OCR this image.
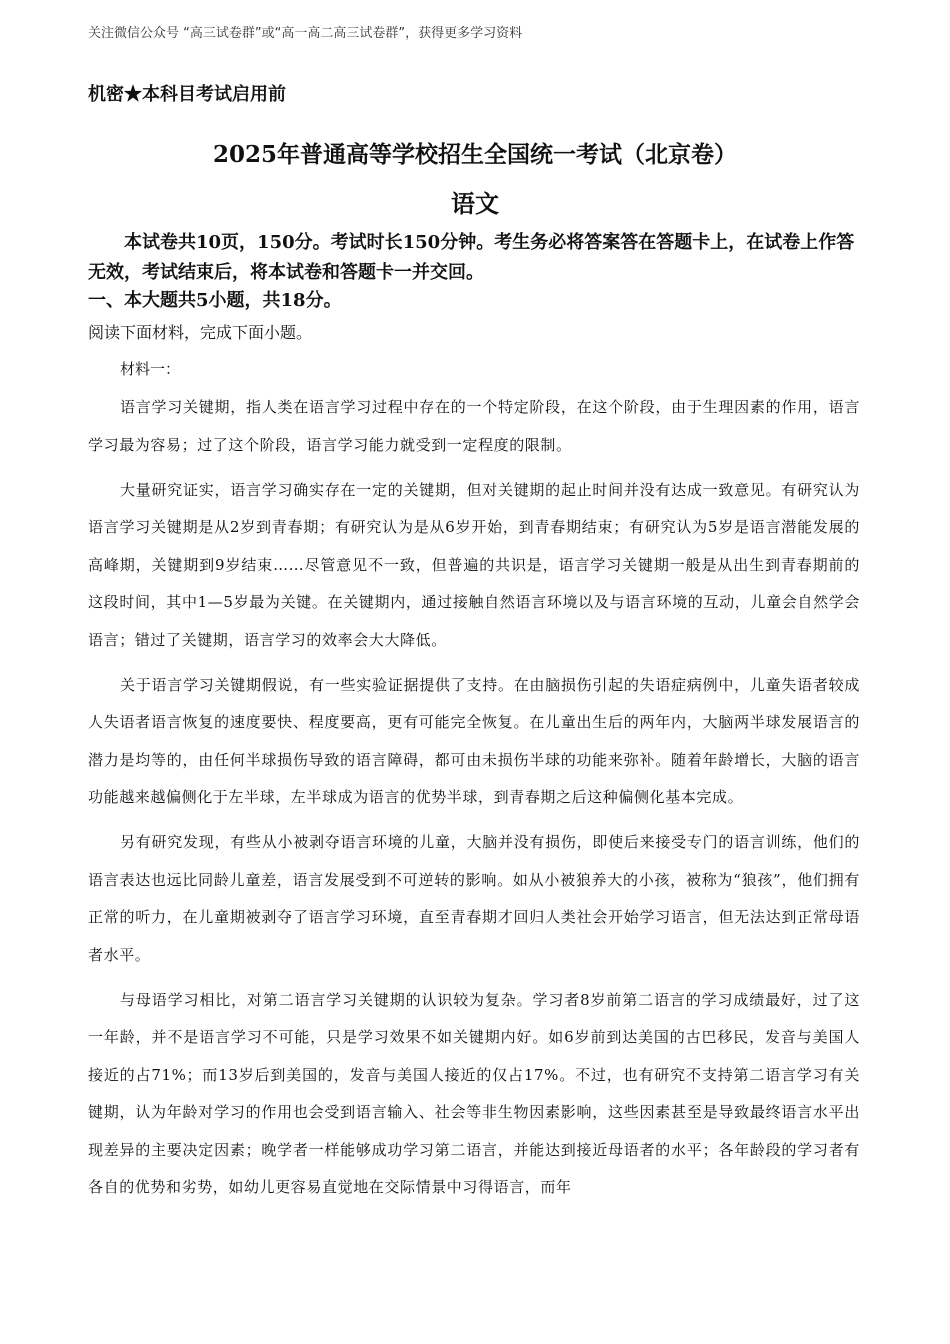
关注微信公众号 “高三试卷群”或“高一高二高三试卷群”，获得更多学习资料
机密★本科目考试启用前
2025年普通高等学校招生全国统一考试（北京卷）
语文

本试卷共10页，150分。考试时长150分钟。考生务必将答案答在答题卡上，在试卷上作答无效，考试结束后，将本试卷和答题卡一并交回。

一、本大题共5小题，共18分。
阅读下面材料，完成下面小题。
材料一：

语言学习关键期，指人类在语言学习过程中存在的一个特定阶段，在这个阶段，由于生理因素的作用，语言学习最为容易；过了这个阶段，语言学习能力就受到一定程度的限制。

大量研究证实，语言学习确实存在一定的关键期，但对关键期的起止时间并没有达成一致意见。有研究认为语言学习关键期是从2岁到青春期；有研究认为是从6岁开始，到青春期结束；有研究认为5岁是语言潜能发展的高峰期，关键期到9岁结束……尽管意见不一致，但普遍的共识是，语言学习关键期一般是从出生到青春期前的这段时间，其中1—5岁最为关键。在关键期内，通过接触自然语言环境以及与语言环境的互动，儿童会自然学会语言；错过了关键期，语言学习的效率会大大降低。

关于语言学习关键期假说，有一些实验证据提供了支持。在由脑损伤引起的失语症病例中，儿童失语者较成人失语者语言恢复的速度要快、程度要高，更有可能完全恢复。在儿童出生后的两年内，大脑两半球发展语言的潜力是均等的，由任何半球损伤导致的语言障碍，都可由未损伤半球的功能来弥补。随着年龄增长，大脑的语言功能越来越偏侧化于左半球，左半球成为语言的优势半球，到青春期之后这种偏侧化基本完成。

另有研究发现，有些从小被剥夺语言环境的儿童，大脑并没有损伤，即使后来接受专门的语言训练，他们的语言表达也远比同龄儿童差，语言发展受到不可逆转的影响。如从小被狼养大的小孩，被称为“狼孩”，他们拥有正常的听力，在儿童期被剥夺了语言学习环境，直至青春期才回归人类社会开始学习语言，但无法达到正常母语者水平。

与母语学习相比，对第二语言学习关键期的认识较为复杂。学习者8岁前第二语言的学习成绩最好，过了这一年龄，并不是语言学习不可能，只是学习效果不如关键期内好。如6岁前到达美国的古巴移民，发音与美国人接近的占71%；而13岁后到美国的，发音与美国人接近的仅占17%。不过，也有研究不支持第二语言学习有关键期，认为年龄对学习的作用也会受到语言输入、社会等非生物因素影响，这些因素甚至是导致最终语言水平出现差异的主要决定因素；晚学者一样能够成功学习第二语言，并能达到接近母语者的水平；各年龄段的学习者有各自的优势和劣势，如幼儿更容易直觉地在交际情景中习得语言，而年
